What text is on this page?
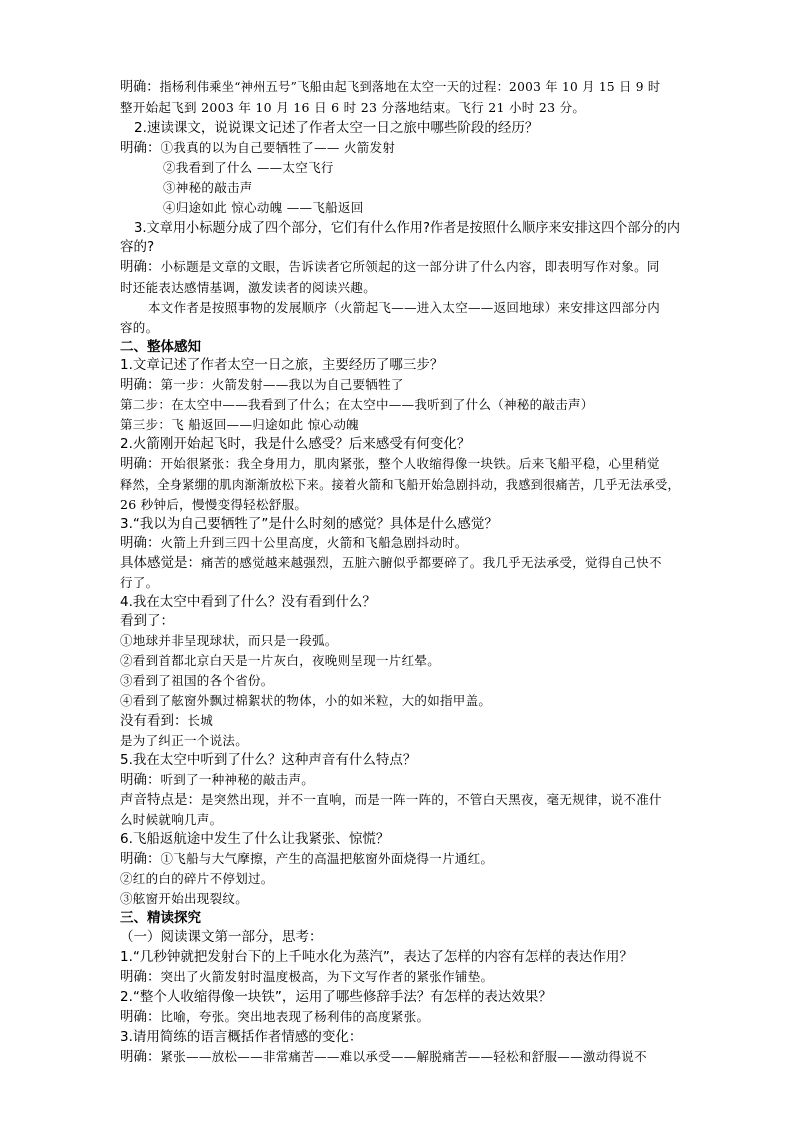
明确：指杨利伟乘坐“神州五号”飞船由起飞到落地在太空一天的过程：2003 年 10 月 15 日 9 时
整开始起飞到 2003 年 10 月 16 日 6 时 23 分落地结束。飞行 21 小时 23 分。
2.速读课文，说说课文记述了作者太空一日之旅中哪些阶段的经历？
明确：①我真的以为自己要牺牲了—— 火箭发射
②我看到了什么 ——太空飞行
③神秘的敲击声
④归途如此 惊心动魄 ——飞船返回
3.文章用小标题分成了四个部分，它们有什么作用?作者是按照什么顺序来安排这四个部分的内
容的?
明确：小标题是文章的文眼，告诉读者它所领起的这一部分讲了什么内容，即表明写作对象。同
时还能表达感情基调，激发读者的阅读兴趣。
本文作者是按照事物的发展顺序（火箭起飞——进入太空——返回地球）来安排这四部分内
容的。
二、整体感知
1.文章记述了作者太空一日之旅，主要经历了哪三步？
明确：第一步：火箭发射——我以为自己要牺牲了
第二步：在太空中——我看到了什么；在太空中——我听到了什么（神秘的敲击声）
第三步：飞 船返回——归途如此 惊心动魄
2.火箭刚开始起飞时，我是什么感受？后来感受有何变化？
明确：开始很紧张：我全身用力，肌肉紧张，整个人收缩得像一块铁。后来飞船平稳，心里稍觉
释然，全身紧绷的肌肉渐渐放松下来。接着火箭和飞船开始急剧抖动，我感到很痛苦，几乎无法承受，
26 秒钟后，慢慢变得轻松舒服。
3.“我以为自己要牺牲了”是什么时刻的感觉？具体是什么感觉？
明确：火箭上升到三四十公里高度，火箭和飞船急剧抖动时。
具体感觉是：痛苦的感觉越来越强烈，五脏六腑似乎都要碎了。我几乎无法承受，觉得自己快不
行了。
4.我在太空中看到了什么？没有看到什么？
看到了：
①地球并非呈现球状，而只是一段弧。
②看到首都北京白天是一片灰白，夜晚则呈现一片红晕。
③看到了祖国的各个省份。
④看到了舷窗外飘过棉絮状的物体，小的如米粒，大的如指甲盖。
没有看到：长城
是为了纠正一个说法。
5.我在太空中听到了什么？这种声音有什么特点？
明确：听到了一种神秘的敲击声。
声音特点是：是突然出现，并不一直响，而是一阵一阵的，不管白天黑夜，毫无规律，说不准什
么时候就响几声。
6.飞船返航途中发生了什么让我紧张、惊慌？
明确：①飞船与大气摩擦，产生的高温把舷窗外面烧得一片通红。
②红的白的碎片不停划过。
③舷窗开始出现裂纹。
三、精读探究
（一）阅读课文第一部分，思考：
1.“几秒钟就把发射台下的上千吨水化为蒸汽”，表达了怎样的内容有怎样的表达作用？
明确：突出了火箭发射时温度极高，为下文写作者的紧张作铺垫。
2.“整个人收缩得像一块铁”，运用了哪些修辞手法？有怎样的表达效果？
明确：比喻，夸张。突出地表现了杨利伟的高度紧张。
3.请用简练的语言概括作者情感的变化：
明确：紧张——放松——非常痛苦——难以承受——解脱痛苦——轻松和舒服——激动得说不
